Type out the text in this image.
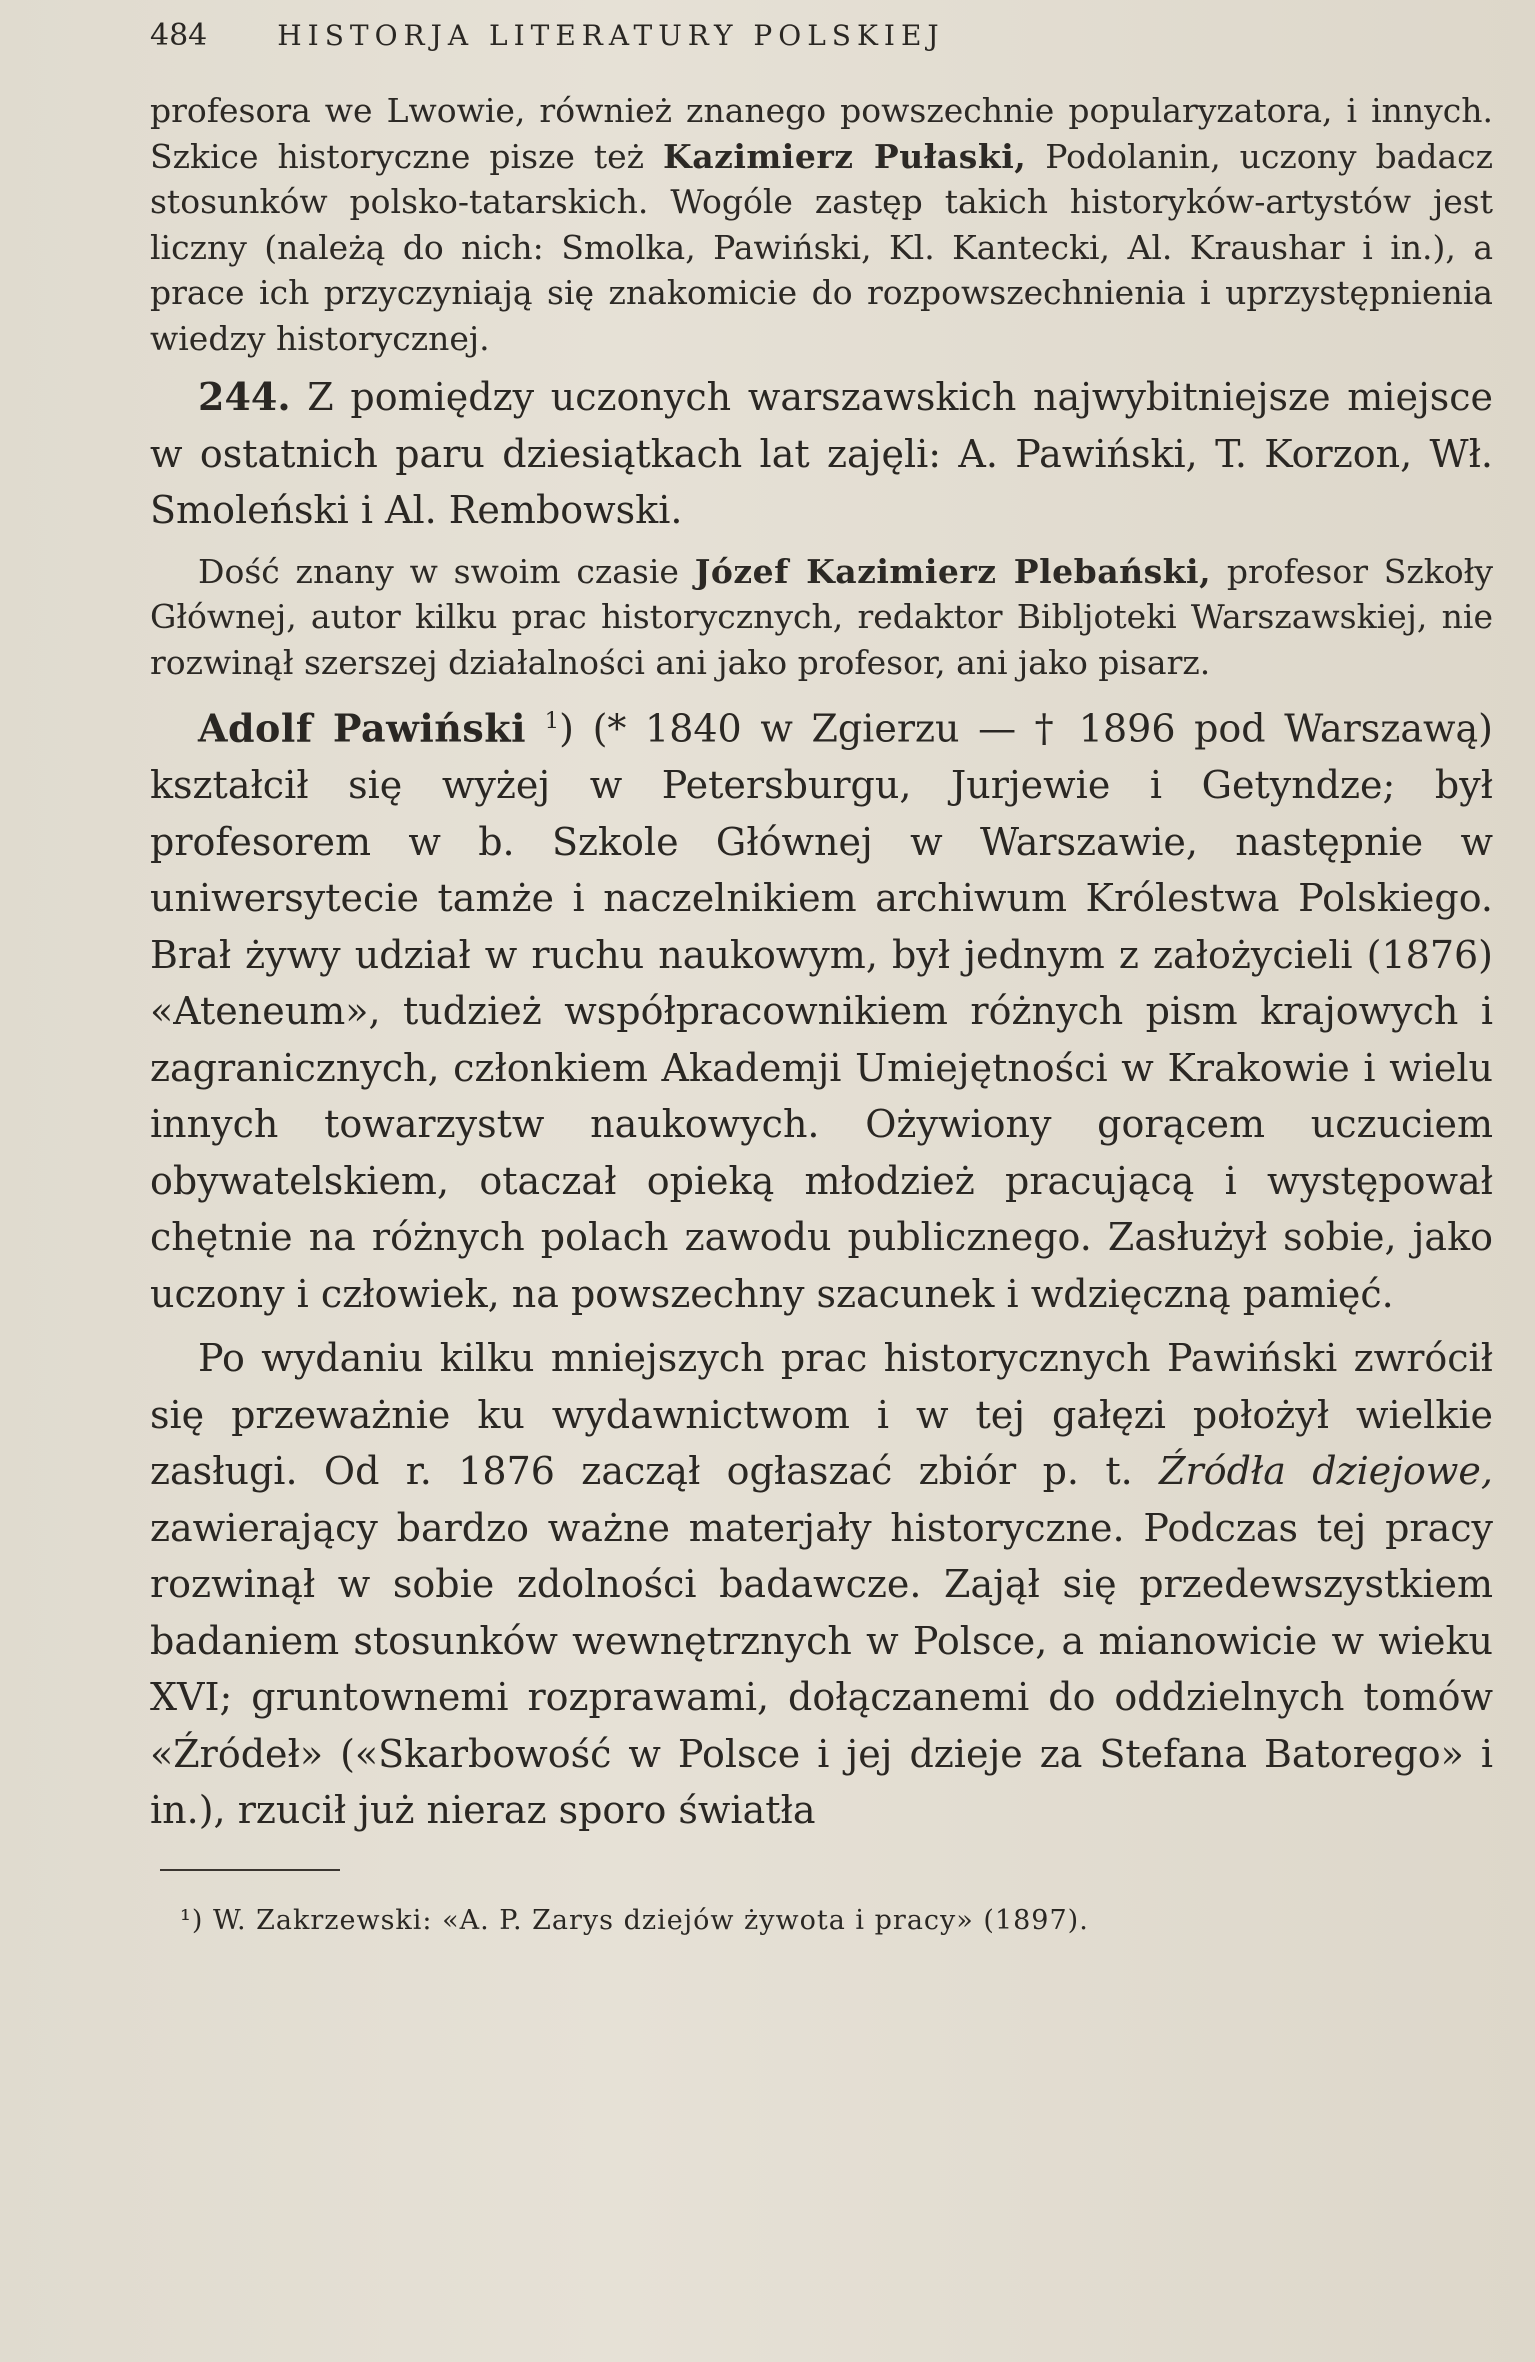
484	HISTORJA LITERATURY POLSKIEJ

profesora we Lwowie, również znanego powszechnie popularyzatora, i innych. Szkice historyczne pisze też Kazimierz Pułaski, Podolanin, uczony badacz stosunków polsko-tatarskich. Wogóle zastęp takich historyków-artystów jest liczny (należą do nich: Smolka, Pawiński, Kl. Kantecki, Al. Kraushar i in.), a prace ich przyczyniają się znakomicie do rozpowszechnienia i uprzystępnienia wiedzy historycznej.

244. Z pomiędzy uczonych warszawskich najwybitniejsze miejsce w ostatnich paru dziesiątkach lat zajęli: A. Pawiński, T. Korzon, Wł. Smoleński i Al. Rembowski.

Dość znany w swoim czasie Józef Kazimierz Plebański, profesor Szkoły Głównej, autor kilku prac historycznych, redaktor Bibljoteki Warszawskiej, nie rozwinął szerszej działalności ani jako profesor, ani jako pisarz.

Adolf Pawiński $^1$) (* 1840 w Zgierzu — † 1896 pod Warszawą) kształcił się wyżej w Petersburgu, Jurjewie i Getyndze; był profesorem w b. Szkole Głównej w Warszawie, następnie w uniwersytecie tamże i naczelnikiem archiwum Królestwa Polskiego. Brał żywy udział w ruchu naukowym, był jednym z założycieli (1876) «Ateneum», tudzież współpracownikiem różnych pism krajowych i zagranicznych, członkiem Akademji Umiejętności w Krakowie i wielu innych towarzystw naukowych. Ożywiony gorącem uczuciem obywatelskiem, otaczał opieką młodzież pracującą i występował chętnie na różnych polach zawodu publicznego. Zasłużył sobie, jako uczony i człowiek, na powszechny szacunek i wdzięczną pamięć.

Po wydaniu kilku mniejszych prac historycznych Pawiński zwrócił się przeważnie ku wydawnictwom i w tej gałęzi położył wielkie zasługi. Od r. 1876 zaczął ogłaszać zbiór p. t. Źródła dziejowe, zawierający bardzo ważne materjały historyczne. Podczas tej pracy rozwinął w sobie zdolności badawcze. Zajął się przedewszystkiem badaniem stosunków wewnętrznych w Polsce, a mianowicie w wieku XVI; gruntownemi rozprawami, dołączanemi do oddzielnych tomów «Źródeł» («Skarbowość w Polsce i jej dzieje za Stefana Batorego» i in.), rzucił już nieraz sporo światła

¹) W. Zakrzewski: «A. P. Zarys dziejów żywota i pracy» (1897).
